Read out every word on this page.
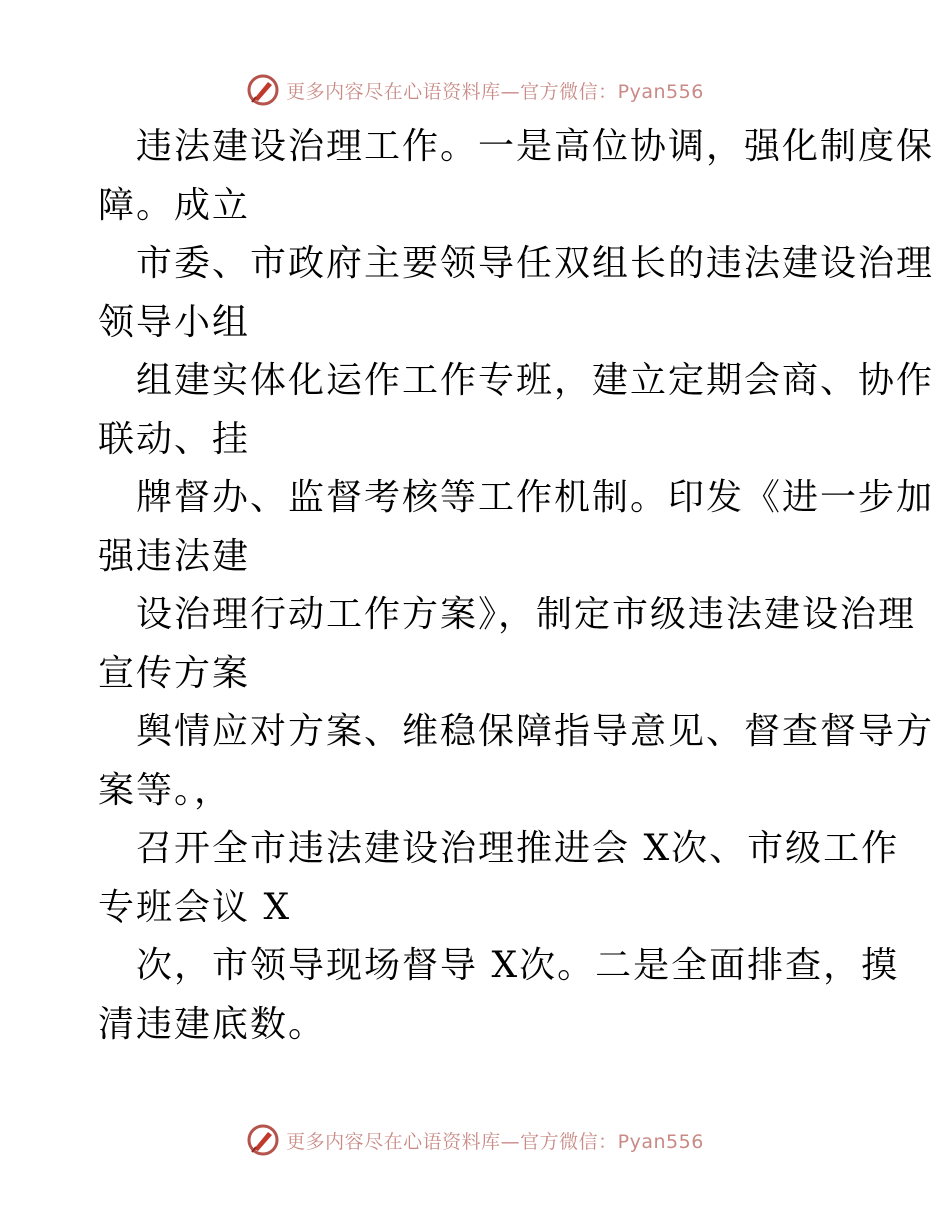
更多内容尽在心语资料库—官方微信：Pyan556
违法建设治理工作。一是高位协调，强化制度保
障。成立
市委、市政府主要领导任双组长的违法建设治理
领导小组
组建实体化运作工作专班，建立定期会商、协作
联动、挂
牌督办、监督考核等工作机制。印发《进一步加
强违法建
设治理行动工作方案》，制定市级违法建设治理
宣传方案
舆情应对方案、维稳保障指导意见、督查督导方
案等。，
召开全市违法建设治理推进会 X次、市级工作
专班会议 X
次，市领导现场督导 X次。二是全面排查，摸
清违建底数。
更多内容尽在心语资料库—官方微信：Pyan556
